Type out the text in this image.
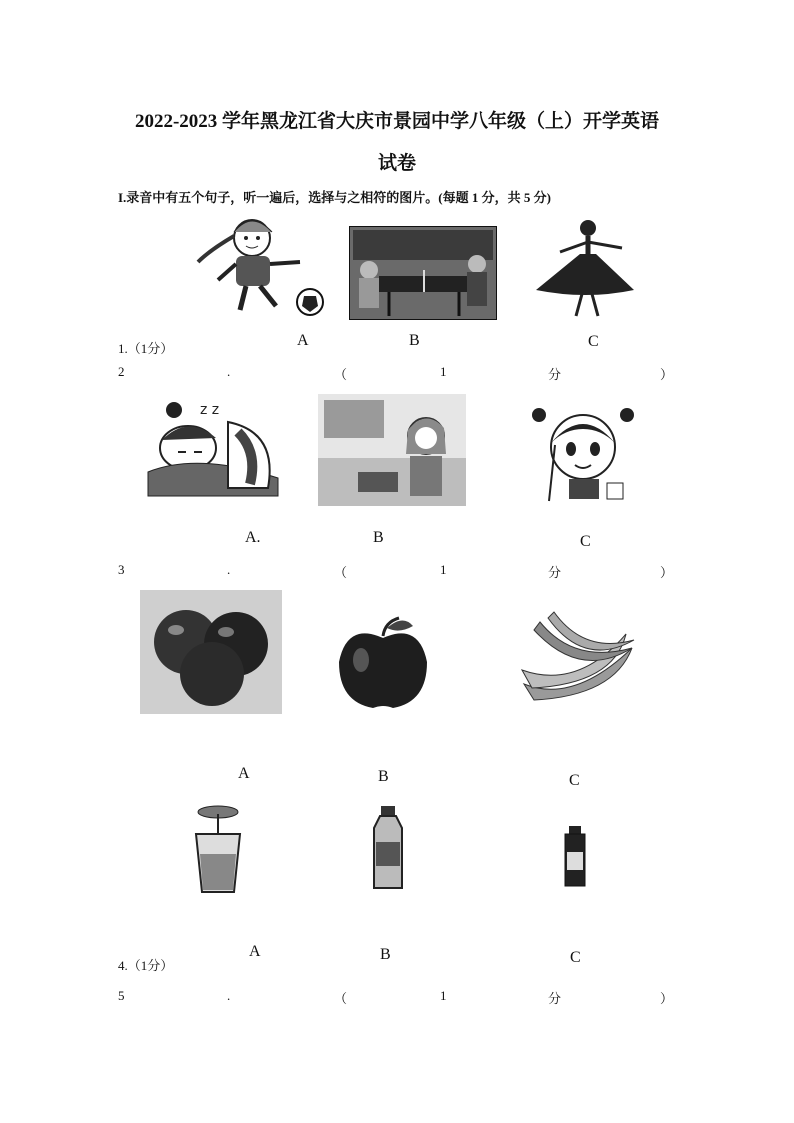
2022-2023 学年黑龙江省大庆市景园中学八年级（上）开学英语
试卷
I.录音中有五个句子，听一遍后，选择与之相符的图片。(每题 1 分，共 5 分)
1.（1分）	A	B	C
2	.	（	1	分	）
z z
A.	B	C
3	.	（	1	分	）
A	B	C
4.（1分）
A	B	C
5	.	（	1	分	）
